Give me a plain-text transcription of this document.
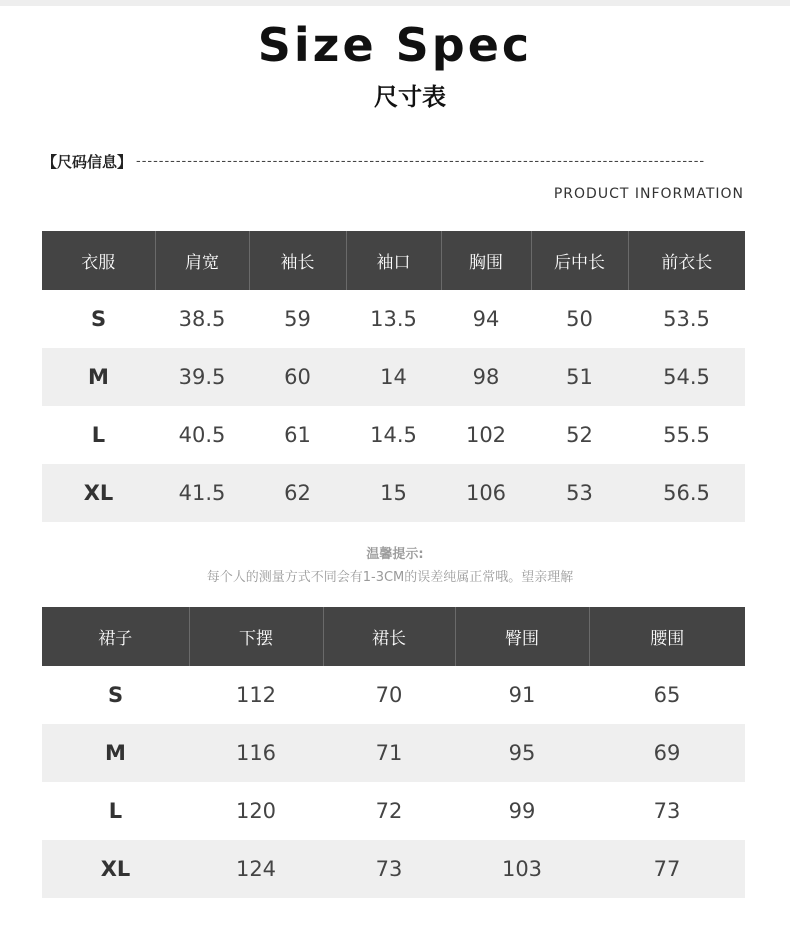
Size Spec
尺寸表
【尺码信息】 ----------------------------------------------------------------------------------------------------
PRODUCT INFORMATION
衣服	肩宽	袖长	袖口	胸围	后中长	前衣长
S	38.5	59	13.5	94	50	53.5
M	39.5	60	14	98	51	54.5
L	40.5	61	14.5	102	52	55.5
XL	41.5	62	15	106	53	56.5
温馨提示:
每个人的测量方式不同会有1-3CM的误差纯属正常哦。望亲理解
裙子	下摆	裙长	臀围	腰围
S	112	70	91	65
M	116	71	95	69
L	120	72	99	73
XL	124	73	103	77
